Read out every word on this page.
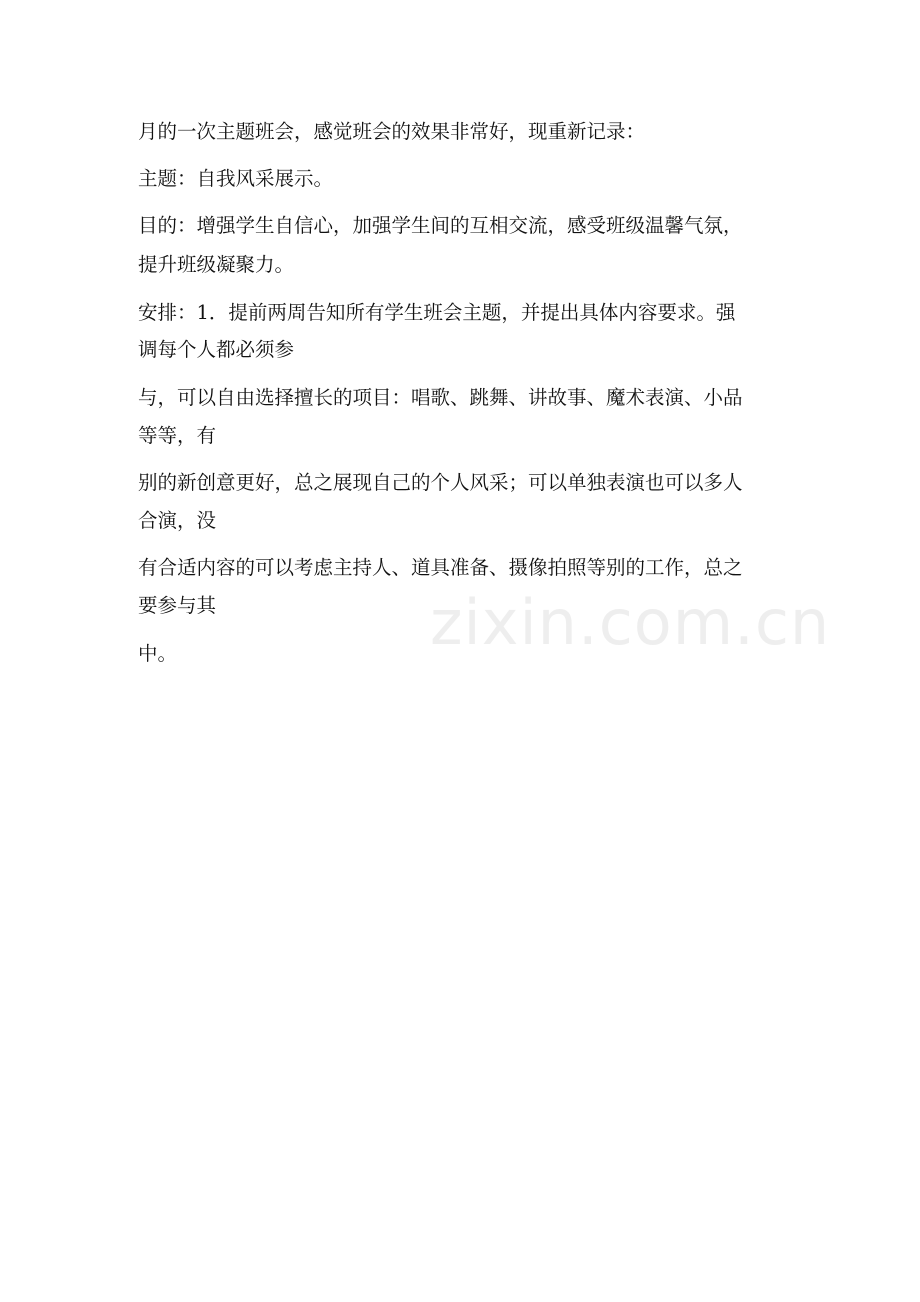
月的一次主题班会，感觉班会的效果非常好，现重新记录：

主题：自我风采展示。

目的：增强学生自信心，加强学生间的互相交流，感受班级温馨气氛，

提升班级凝聚力。

安排：1．提前两周告知所有学生班会主题，并提出具体内容要求。强

调每个人都必须参

与，可以自由选择擅长的项目：唱歌、跳舞、讲故事、魔术表演、小品

等等，有

别的新创意更好，总之展现自己的个人风采；可以单独表演也可以多人

合演，没

有合适内容的可以考虑主持人、道具准备、摄像拍照等别的工作，总之

要参与其

中。	zixin.com.cn
